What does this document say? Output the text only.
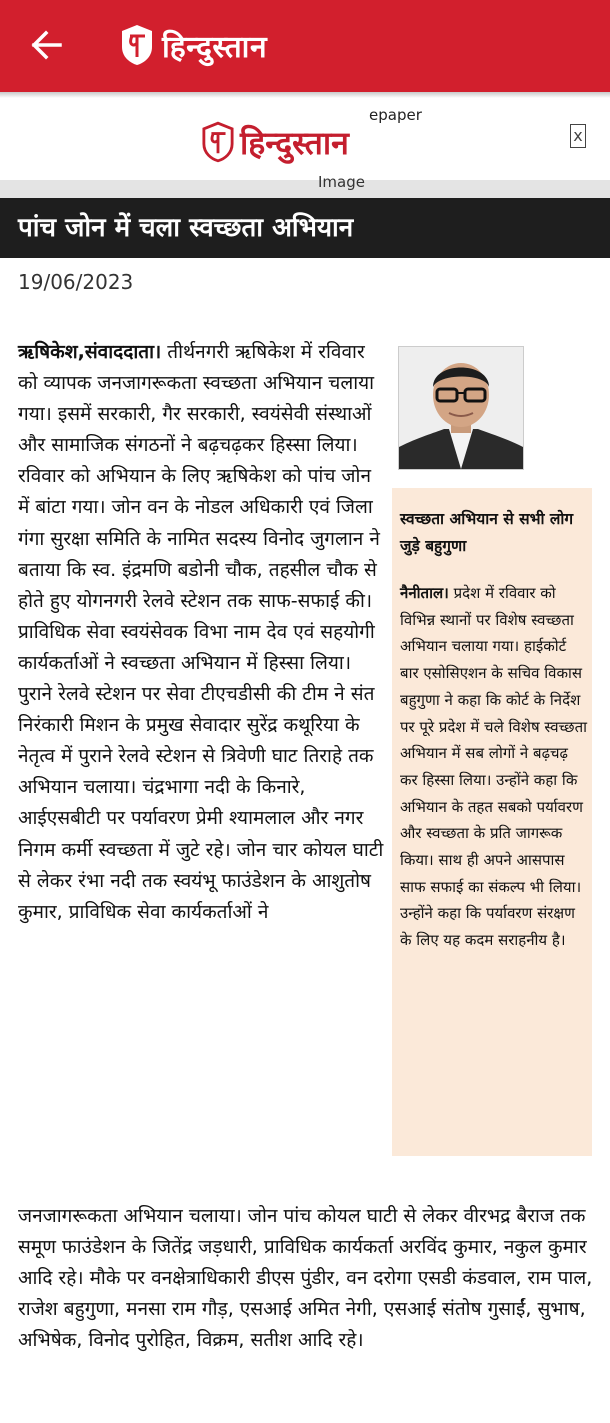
हिन्दुस्तान
epaper
हिन्दुस्तान	x
Image
पांच जोन में चला स्वच्छता अभियान
19/06/2023
ऋषिकेश,संवाददाता। तीर्थनगरी ऋषिकेश में रविवार को व्यापक जनजागरूकता स्वच्छता अभियान चलाया गया। इसमें सरकारी, गैर सरकारी, स्वयंसेवी संस्थाओं और सामाजिक संगठनों ने बढ़चढ़कर हिस्सा लिया। रविवार को अभियान के लिए ऋषिकेश को पांच जोन में बांटा गया। जोन वन के नोडल अधिकारी एवं जिला गंगा सुरक्षा समिति के नामित सदस्य विनोद जुगलान ने बताया कि स्व. इंद्रमणि बडोनी चौक, तहसील चौक से होते हुए योगनगरी रेलवे स्टेशन तक साफ-सफाई की। प्राविधिक सेवा स्वयंसेवक विभा नाम देव एवं सहयोगी कार्यकर्ताओं ने स्वच्छता अभियान में हिस्सा लिया। पुराने रेलवे स्टेशन पर सेवा टीएचडीसी की टीम ने संत निरंकारी मिशन के प्रमुख सेवादार सुरेंद्र कथूरिया के नेतृत्व में पुराने रेलवे स्टेशन से त्रिवेणी घाट तिराहे तक अभियान चलाया। चंद्रभागा नदी के किनारे, आईएसबीटी पर पर्यावरण प्रेमी श्यामलाल और नगर निगम कर्मी स्वच्छता में जुटे रहे। जोन चार कोयल घाटी से लेकर रंभा नदी तक स्वयंभू फाउंडेशन के आशुतोष कुमार, प्राविधिक सेवा कार्यकर्ताओं ने
स्वच्छता अभियान से सभी लोग जुड़े बहुगुणा
नैनीताल। प्रदेश में रविवार को विभिन्न स्थानों पर विशेष स्वच्छता अभियान चलाया गया। हाईकोर्ट बार एसोसिएशन के सचिव विकास बहुगुणा ने कहा कि कोर्ट के निर्देश पर पूरे प्रदेश में चले विशेष स्वच्छता अभियान में सब लोगों ने बढ़चढ़ कर हिस्सा लिया। उन्होंने कहा कि अभियान के तहत सबको पर्यावरण और स्वच्छता के प्रति जागरूक किया। साथ ही अपने आसपास साफ सफाई का संकल्प भी लिया। उन्होंने कहा कि पर्यावरण संरक्षण के लिए यह कदम सराहनीय है।
जनजागरूकता अभियान चलाया। जोन पांच कोयल घाटी से लेकर वीरभद्र बैराज तक समूण फाउंडेशन के जितेंद्र जड़धारी, प्राविधिक कार्यकर्ता अरविंद कुमार, नकुल कुमार आदि रहे। मौके पर वनक्षेत्राधिकारी डीएस पुंडीर, वन दरोगा एसडी कंडवाल, राम पाल, राजेश बहुगुणा, मनसा राम गौड़, एसआई अमित नेगी, एसआई संतोष गुसाईं, सुभाष, अभिषेक, विनोद पुरोहित, विक्रम, सतीश आदि रहे।
